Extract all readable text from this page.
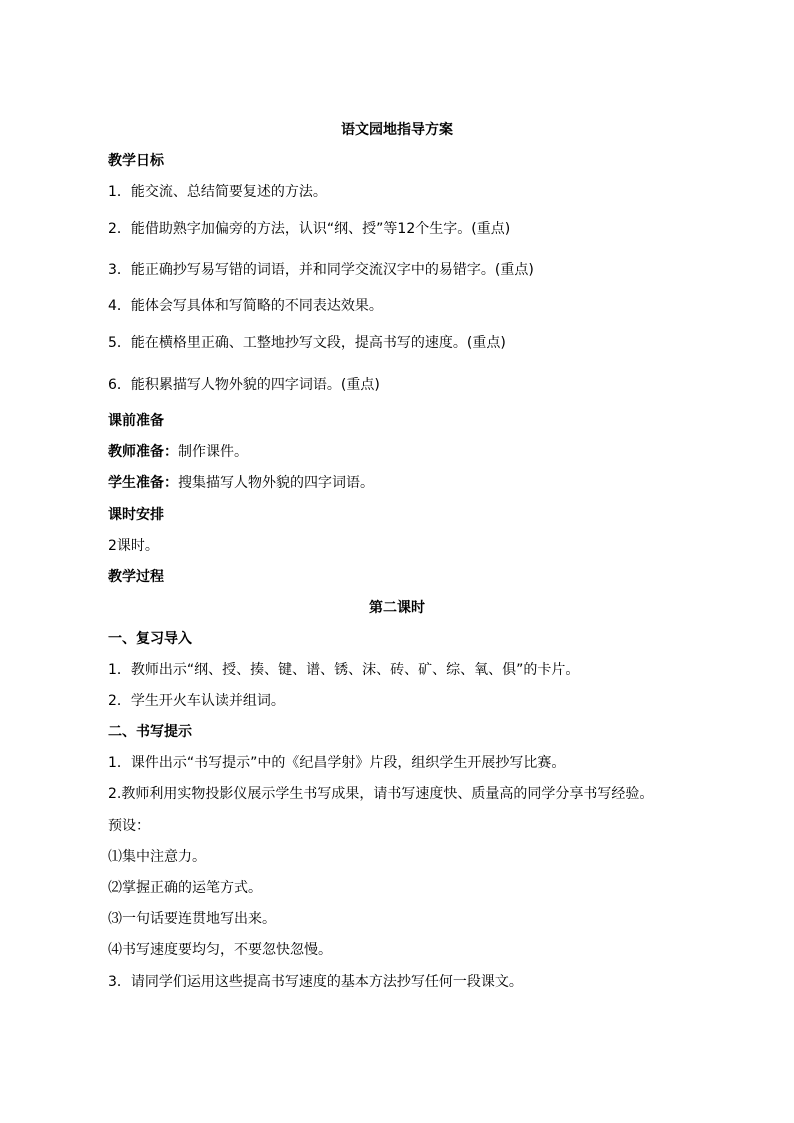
语文园地指导方案
教学日标
1．能交流、总结简要复述的方法。
2．能借助熟字加偏旁的方法，认识“纲、授”等12个生字。(重点)
3．能正确抄写易写错的词语，并和同学交流汉字中的易错字。(重点)
4．能体会写具体和写简略的不同表达效果。
5．能在横格里正确、工整地抄写文段，提高书写的速度。(重点)
6．能积累描写人物外貌的四字词语。(重点)
课前准备
教师准备：制作课件。
学生准备：搜集描写人物外貌的四字词语。
课时安排
2课时。
教学过程
第二课时
一、复习导入
1．教师出示“纲、授、揍、键、谱、锈、沫、砖、矿、综、氧、俱”的卡片。
2．学生开火车认读并组词。
二、书写提示
1．课件出示“书写提示”中的《纪昌学射》片段，组织学生开展抄写比赛。
2.教师利用实物投影仪展示学生书写成果，请书写速度快、质量高的同学分享书写经验。
预设：
⑴集中注意力。
⑵掌握正确的运笔方式。
⑶一句话要连贯地写出来。
⑷书写速度要均匀，不要忽快忽慢。
3．请同学们运用这些提高书写速度的基本方法抄写任何一段课文。
